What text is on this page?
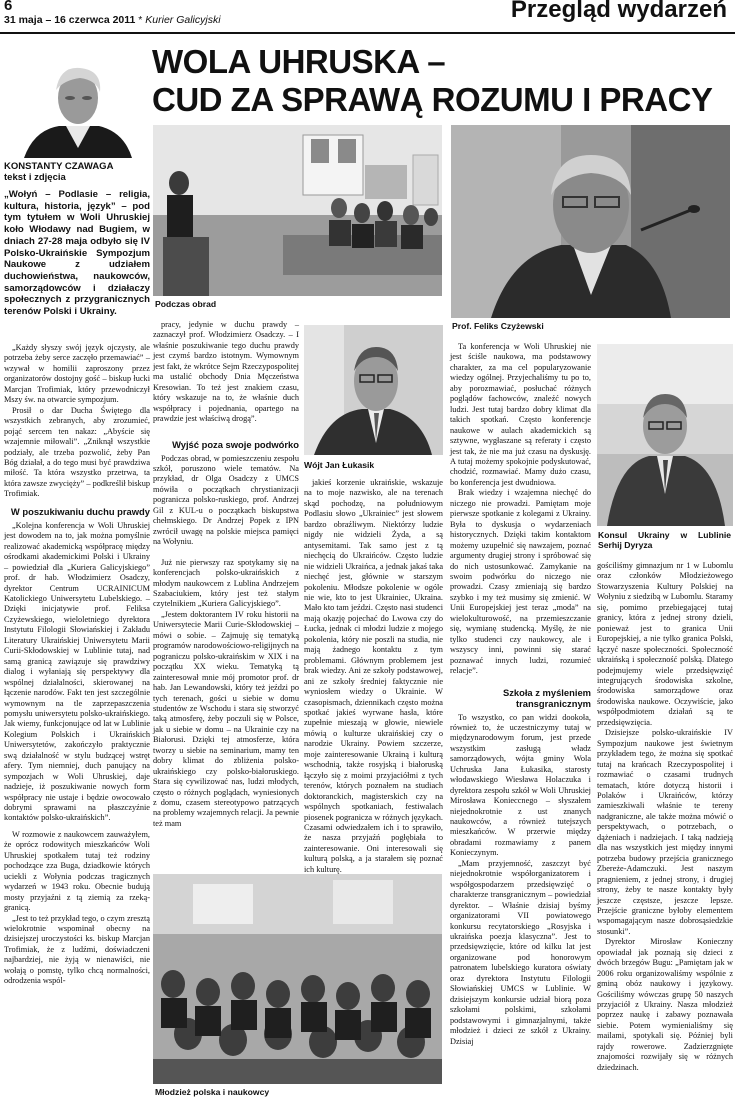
6
31 maja – 16 czerwca 2011 * Kurier Galicyjski	Przegląd wydarzeń
WOLA UHRUSKA –
CUD ZA SPRAWĄ ROZUMU I PRACY
KONSTANTY CZAWAGA
tekst i zdjęcia
„Wołyń – Podlasie – religia, kultura, historia, język” – pod tym tytułem w Woli Uhruskiej koło Włodawy nad Bugiem, w dniach 27-28 maja odbyło się IV Polsko-Ukraińskie Sympozjum Naukowe z udziałem duchowieństwa, naukowców, samorządowców i działaczy społecznych z przygranicznych terenów Polski i Ukrainy.

„Każdy słyszy swój język ojczysty, ale potrzeba żeby serce zaczęło przemawiać” – wzywał w homilii zaproszony przez organizatorów dostojny gość – biskup łucki Marcjan Trofimiak, który przewodniczył Mszy św. na otwarcie sympozjum.

Prosił o dar Ducha Świętego dla wszystkich zebranych, aby zrozumieć, pojąć sercem ten nakaz: „Abyście się wzajemnie miłowali”. „Zniknął wszystkie podziały, ale trzeba pozwolić, żeby Pan Bóg działał, a do tego musi być prawdziwa miłość. Ta która wszystko przetrwa, ta która zawsze zwycięży” – podkreślił biskup Trofimiak.

W poszukiwaniu duchu prawdy

„Kolejna konferencja w Woli Uhruskiej jest dowodem na to, jak można pomyślnie realizować akademicką współpracę między ośrodkami akademickimi Polski i Ukrainy – powiedział dla „Kuriera Galicyjskiego” prof. dr hab. Włodzimierz Osadczy, dyrektor Centrum UCRAINICUM Katolickiego Uniwersytetu Lubelskiego. – Dzięki inicjatywie prof. Feliksa Czyżewskiego, wieloletniego dyrektora Instytutu Filologii Słowiańskiej i Zakładu Literatury Ukraińskiej Uniwersytetu Marii Curii-Skłodowskiej w Lublinie tutaj, nad samą granicą zawiązuje się prawdziwy dialog i wyłaniają się perspektywy dla wspólnej działalności, skierowanej na łączenie narodów. Fakt ten jest szczególnie wymownym na tle zaprzepaszczenia pomysłu uniwersytetu polsko-ukraińskiego. Jak wiemy, funkcjonujące od lat w Lublinie Kolegium Polskich i Ukraińskich Uniwersytetów, zakończyło praktycznie swą działalność w stylu budzącej wstręt afery. Tym niemniej, duch panujący na sympozjach w Woli Uhruskiej, daje nadzieje, iż poszukiwanie nowych form współpracy nie ustaje i będzie owocowało dobrymi sprawami na płaszczyźnie kontaktów polsko-ukraińskich”.

W rozmowie z naukowcem zauważyłem, że oprócz rodowitych mieszkańców Woli Uhruskiej spotkałem tutaj też rodziny pochodzące zza Buga, dziadkowie których uciekli z Wołynia podczas tragicznych wydarzeń w 1943 roku. Obecnie budują mosty przyjaźni z tą ziemią za rzeką-granicą.

„Jest to też przykład tego, o czym zresztą wielokrotnie wspominał obecny na dzisiejszej uroczystości ks. biskup Marcjan Trofimiak, że z ludźmi, doświadczeni najbardziej, nie żyją w nienawiści, nie wołają o pomstę, tylko chcą normalności, odrodzenia wspól-

Podczas obrad
Prof. Feliks Czyżewski

pracy, jedynie w duchu prawdy – zaznaczył prof. Włodzimierz Osadczy. – I właśnie poszukiwanie tego duchu prawdy jest czymś bardzo istotnym. Wymownym jest fakt, że wkrótce Sejm Rzeczypospolitej ma ustalić obchody Dnia Męczeństwa Kresowian. To też jest znakiem czasu, który wskazuje na to, że właśnie duch współpracy i pojednania, opartego na prawdzie jest właściwą drogą”.

Wyjść poza swoje podwórko

Podczas obrad, w pomieszczeniu zespołu szkół, poruszono wiele tematów. Na przykład, dr Olga Osadczy z UMCS mówiła o początkach chrystianizacji pogranicza polsko-ruskiego, prof. Andrzej Gil z KUL-u o początkach biskupstwa chełmskiego. Dr Andrzej Popek z IPN zwrócił uwagę na polskie miejsca pamięci na Wołyniu.

Już nie pierwszy raz spotykamy się na konferencjach polsko-ukraińskich z młodym naukowcem z Lublina Andrzejem Szabaciukiem, który jest też stałym czytelnikiem „Kuriera Galicyjskiego”.

„Jestem doktorantem IV roku historii na Uniwersytecie Marii Curie-Skłodowskiej – mówi o sobie. – Zajmuję się tematyką programów narodowościowo-religijnych na pograniczu polsko-ukraińskim w XIX i na początku XX wieku. Tematyką tą zainteresował mnie mój promotor prof. dr hab. Jan Lewandowski, który też jeździ po tych terenach, gości u siebie w domu studentów ze Wschodu i stara się stworzyć taką atmosferę, żeby poczuli się w Polsce, jak u siebie w domu – na Ukrainie czy na Białorusi. Dzięki tej atmosferze, która tworzy u siebie na seminarium, mamy ten dobry klimat do zbliżenia polsko-ukraińskiego czy polsko-białoruskiego. Stara się cywilizować nas, ludzi młodych, często o różnych poglądach, wyniesionych z domu, czasem stereotypowo patrzących na problemy wzajemnych relacji. Ja pewnie też mam

Wójt Jan Łukasik

jakieś korzenie ukraińskie, wskazuje na to moje nazwisko, ale na terenach skąd pochodzę, na południowym Podlasiu słowo „Ukrainiec” jest słowem bardzo obraźliwym. Niektórzy ludzie nigdy nie widzieli Żyda, a są antysemitami. Tak samo jest z tą niechęcią do Ukraińców. Często ludzie nie widzieli Ukraińca, a jednak jakaś taka niechęć jest, głównie w starszym pokoleniu. Młodsze pokolenie w ogóle nie wie, kto to jest Ukrainiec, Ukraina. Mało kto tam jeździ. Często nasi studenci mają okazję pojechać do Lwowa czy do Łucka, jednak ci młodzi ludzie z mojego pokolenia, który nie poszli na studia, nie mają żadnego kontaktu z tym problemami. Głównym problemem jest brak wiedzy. Ani ze szkoły podstawowej, ani ze szkoły średniej faktycznie nie wyniosłem wiedzy o Ukrainie. W czasopismach, dziennikach często można spotkać jakieś wyrwane hasła, które zupełnie mieszają w głowie, niewiele mówią o kulturze ukraińskiej czy o narodzie Ukrainy. Powiem szczerze, moje zainteresowanie Ukrainą i kulturą wschodnią, także rosyjską i białoruską łączyło się z moimi przyjaciółmi z tych terenów, których poznałem na studiach doktoranckich, magisterskich czy na wspólnych spotkaniach, festiwalach piosenek pogranicza w różnych językach. Czasami odwiedzałem ich i to sprawiło, że nasza przyjaźń pogłębiała to zainteresowanie. Oni interesowali się kulturą polską, a ja starałem się poznać ich kulturę.

Ta konferencja w Woli Uhruskiej nie jest ściśle naukowa, ma podstawowy charakter, za ma cel popularyzowanie wiedzy ogólnej. Przyjechaliśmy tu po to, aby porozmawiać, posłuchać różnych poglądów fachowców, znaleźć nowych ludzi. Jest tutaj bardzo dobry klimat dla takich spotkań. Często konferencje naukowe w aulach akademickich są sztywne, wygłaszane są referaty i często jest tak, że nie ma już czasu na dyskusję. A tutaj możemy spokojnie podyskutować, chodzić, rozmawiać. Mamy dużo czasu, bo konferencja jest dwudniowa.

Brak wiedzy i wzajemna niechęć do niczego nie prowadzi. Pamiętam moje pierwsze spotkanie z kolegami z Ukrainy. Była to dyskusja o wydarzeniach historycznych. Dzięki takim kontaktom możemy uzupełnić się nawzajem, poznać argumenty drugiej strony i spróbować się do nich ustosunkować. Zamykanie na swoim podwórku do niczego nie prowadzi. Czasy zmieniają się bardzo szybko i my też musimy się zmienić. W Unii Europejskiej jest teraz „moda” na wielokulturowość, na przemieszczanie się, wymianę studencką. Myślę, że nie tylko studenci czy naukowcy, ale i wszyscy inni, powinni się starać poznawać innych ludzi, rozumieć relacje”.

Szkoła z myśleniem transgranicznym

To wszystko, co pan widzi dookoła, również to, że uczestniczymy tutaj w międzynarodowym forum, jest przede wszystkim zasługą władz samorządowych, wójta gminy Wola Uchruska Jana Łukasika, starosty włodawskiego Wiesława Holaczuka i dyrektora zespołu szkół w Woli Uhruskiej Mirosława Konieccnego – słyszałem niejednokrotnie z ust znanych naukowców, a również tutejszych mieszkańców. W przerwie między obradami rozmawiamy z panem Konieczynym.

„Mam przyjemność, zaszczyt być niejednokrotnie współorganizatorem i współgospodarzem przedsięwzięć o charakterze transgranicznym – powiedział dyrektor. – Właśnie dzisiaj byśmy organizatorami VII powiatowego konkursu recytatorskiego „Rosyjska i ukraińska poezja klasyczna”. Jest to przedsięwzięcie, które od kilku lat jest organizowane pod honorowym patronatem lubelskiego kuratora oświaty oraz dyrektora Instytutu Filologii Słowiańskiej UMCS w Lublinie. W dzisiejszym konkursie udział biorą poza szkołami polskimi, szkołami podstawowymi i gimnazjalnymi, także młodzież i dzieci ze szkół z Ukrainy. Dzisiaj

Konsul Ukrainy w Lublinie Serhij Dyryza

gościliśmy gimnazjum nr 1 w Lubomlu oraz członków Młodzieżowego Stowarzyszenia Kultury Polskiej na Wołyniu z siedzibą w Lubomlu. Staramy się, pomimo przebiegającej tutaj granicy, która z jednej strony dzieli, ponieważ jest to granica Unii Europejskiej, a nie tylko granica Polski, łączyć nasze społeczności. Społeczność ukraińską i społeczność polską. Dlatego podejmujemy wiele przedsięwzięć integrujących środowiska szkolne, środowiska samorządowe oraz środowiska naukowe. Oczywiście, jako współpodmiotem działań są te przedsięwzięcia.

Dzisiejsze polsko-ukraińskie IV Sympozjum naukowe jest świetnym przykładem tego, że można się spotkać tutaj na krańcach Rzeczypospolitej i rozmawiać o czasami trudnych tematach, które dotyczą historii i Polaków i Ukraińców, którzy zamieszkiwali właśnie te tereny nadgraniczne, ale także można mówić o perspektywach, o potrzebach, o dążeniach i nadziejach. I taką nadzieją dla nas wszystkich jest między innymi potrzeba budowy przejścia granicznego Zbereże-Adamczuki. Jest naszym pragnieniem, z jednej strony, i drugiej strony, żeby te nasze kontakty były jeszcze częstsze, jeszcze lepsze. Przejście graniczne byłoby elementem wspomagającym nasze dobrosąsiedzkie stosunki”.

Dyrektor Mirosław Konieczny opowiadał jak poznają się dzieci z dwóch brzegów Bugu: „Pamiętam jak w 2006 roku organizowaliśmy wspólnie z gminą obóz naukowy i językowy. Gościliśmy wówczas grupę 50 naszych przyjaciół z Ukrainy. Nasza młodzież poprzez naukę i zabawy poznawała siebie. Potem wymienialiśmy się mailami, spotykali się. Później byli rajdy rowerowe. Zadzierzgnięte znajomości rozwijały się w różnych dziedzinach.

Młodzież polska i naukowcy
